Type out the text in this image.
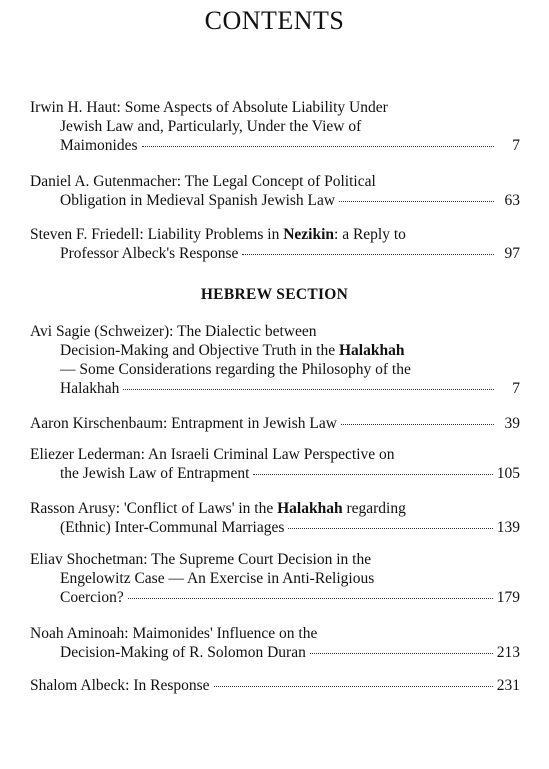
CONTENTS
Irwin H. Haut: Some Aspects of Absolute Liability Under
Jewish Law and, Particularly, Under the View of
Maimonides	7
Daniel A. Gutenmacher: The Legal Concept of Political
Obligation in Medieval Spanish Jewish Law	63
Steven F. Friedell: Liability Problems in Nezikin: a Reply to
Professor Albeck's Response	97
HEBREW SECTION
Avi Sagie (Schweizer): The Dialectic between
Decision-Making and Objective Truth in the Halakhah
— Some Considerations regarding the Philosophy of the
Halakhah	7
Aaron Kirschenbaum: Entrapment in Jewish Law	39
Eliezer Lederman: An Israeli Criminal Law Perspective on
the Jewish Law of Entrapment	105
Rasson Arusy: 'Conflict of Laws' in the Halakhah regarding
(Ethnic) Inter-Communal Marriages	139
Eliav Shochetman: The Supreme Court Decision in the
Engelowitz Case — An Exercise in Anti-Religious
Coercion?	179
Noah Aminoah: Maimonides' Influence on the
Decision-Making of R. Solomon Duran	213
Shalom Albeck: In Response	231
